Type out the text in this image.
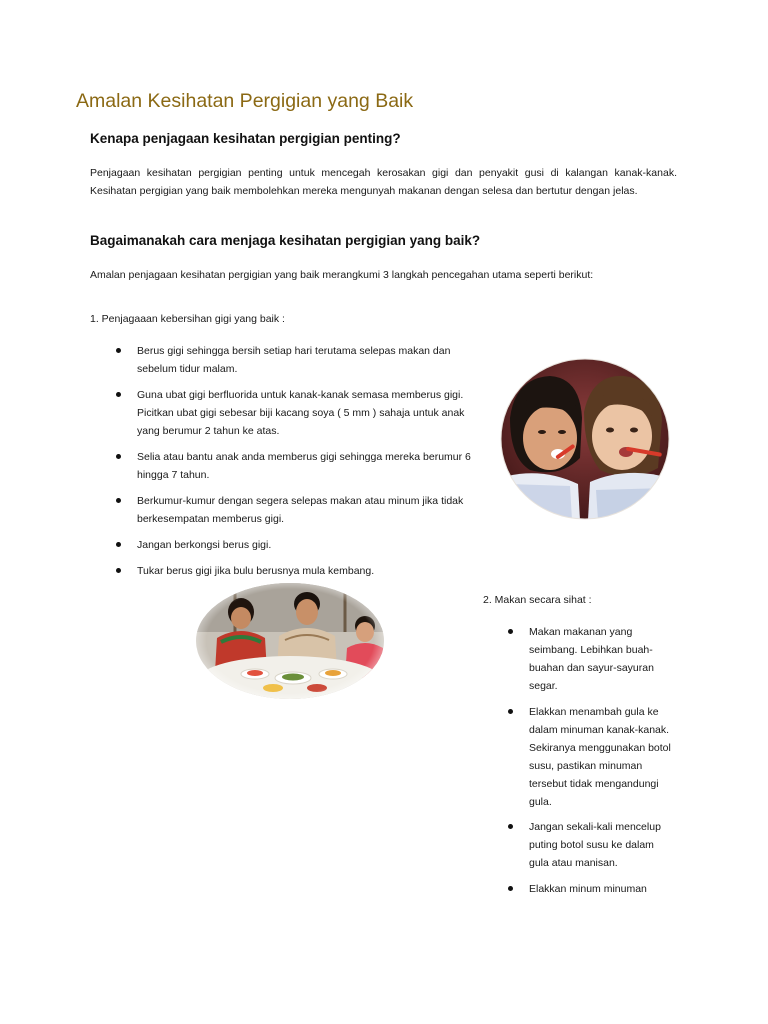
Amalan Kesihatan Pergigian yang Baik
Kenapa penjagaan kesihatan pergigian penting?

Penjagaan kesihatan pergigian penting untuk mencegah kerosakan gigi dan penyakit gusi di kalangan kanak-kanak. Kesihatan pergigian yang baik membolehkan mereka mengunyah makanan dengan selesa dan bertutur dengan jelas.

Bagaimanakah cara menjaga kesihatan pergigian yang baik?

Amalan penjagaan kesihatan pergigian yang baik merangkumi 3 langkah pencegahan utama seperti berikut:

1. Penjagaaan kebersihan gigi yang baik :

Berus gigi sehingga bersih setiap hari terutama selepas makan dan sebelum tidur malam.
Guna ubat gigi berfluorida untuk kanak-kanak semasa memberus gigi. Picitkan ubat gigi sebesar biji kacang soya ( 5 mm ) sahaja untuk anak yang berumur 2 tahun ke atas.
Selia atau bantu anak anda memberus gigi sehingga mereka berumur 6 hingga 7 tahun.
Berkumur-kumur dengan segera selepas makan atau minum jika tidak berkesempatan memberus gigi.
Jangan berkongsi berus gigi.
Tukar berus gigi jika bulu berusnya mula kembang.

2. Makan secara sihat :

Makan makanan yang seimbang. Lebihkan buah-buahan dan sayur-sayuran segar.
Elakkan menambah gula ke dalam minuman kanak-kanak. Sekiranya menggunakan botol susu, pastikan minuman tersebut tidak mengandungi gula.
Jangan sekali-kali mencelup puting botol susu ke dalam gula atau manisan.
Elakkan minum minuman
